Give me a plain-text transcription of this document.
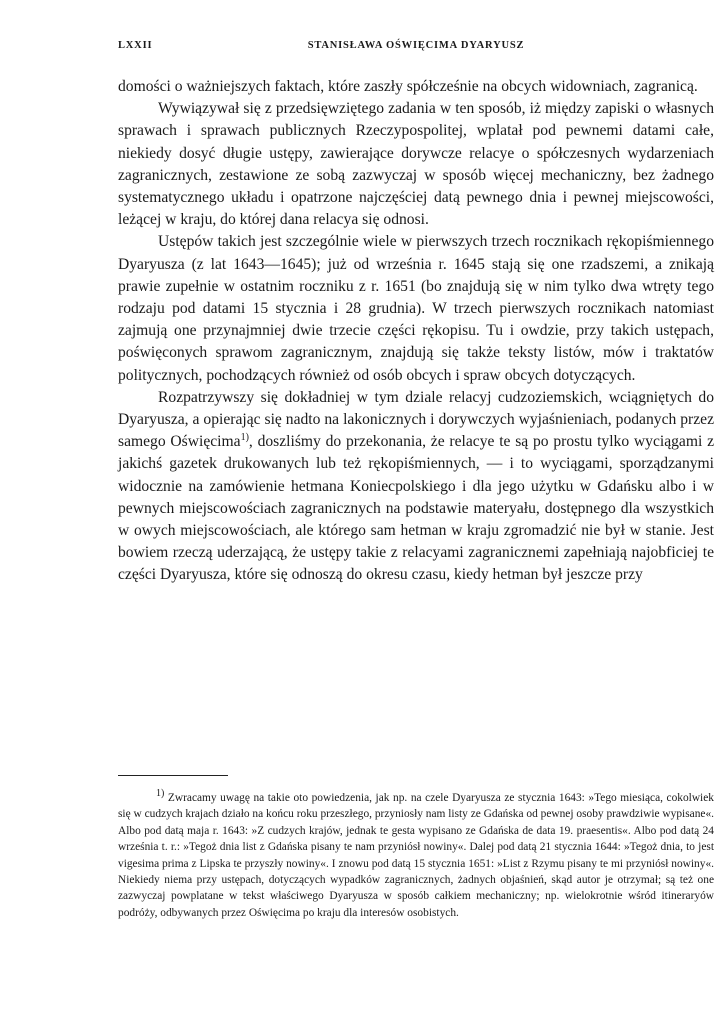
LXXII	STANISŁAWA OŚWIĘCIMA DYARYUSZ

domości o ważniejszych faktach, które zaszły spółcześnie na obcych widowniach, zagranicą.

Wywiązywał się z przedsięwziętego zadania w ten sposób, iż między zapiski o własnych sprawach i sprawach publicznych Rzeczypospolitej, wplatał pod pewnemi datami całe, niekiedy dosyć długie ustępy, zawierające dorywcze relacye o spółczesnych wydarzeniach zagranicznych, zestawione ze sobą zazwyczaj w sposób więcej mechaniczny, bez żadnego systematycznego układu i opatrzone najczęściej datą pewnego dnia i pewnej miejscowości, leżącej w kraju, do której dana relacya się odnosi.

Ustępów takich jest szczególnie wiele w pierwszych trzech rocznikach rękopiśmiennego Dyaryusza (z lat 1643—1645); już od września r. 1645 stają się one rzadszemi, a znikają prawie zupełnie w ostatnim roczniku z r. 1651 (bo znajdują się w nim tylko dwa wtręty tego rodzaju pod datami 15 stycznia i 28 grudnia). W trzech pierwszych rocznikach natomiast zajmują one przynajmniej dwie trzecie części rękopisu. Tu i owdzie, przy takich ustępach, poświęconych sprawom zagranicznym, znajdują się także teksty listów, mów i traktatów politycznych, pochodzących również od osób obcych i spraw obcych dotyczących.

Rozpatrzywszy się dokładniej w tym dziale relacyj cudzoziemskich, wciągniętych do Dyaryusza, a opierając się nadto na lakonicznych i dorywczych wyjaśnieniach, podanych przez samego Oświęcima$^{1)}$, doszliśmy do przekonania, że relacye te są po prostu tylko wyciągami z jakichś gazetek drukowanych lub też rękopiśmiennych, — i to wyciągami, sporządzanymi widocznie na zamówienie hetmana Koniecpolskiego i dla jego użytku w Gdańsku albo i w pewnych miejscowościach zagranicznych na podstawie materyału, dostępnego dla wszystkich w owych miejscowościach, ale którego sam hetman w kraju zgromadzić nie był w stanie. Jest bowiem rzeczą uderzającą, że ustępy takie z relacyami zagranicznemi zapełniają najobficiej te części Dyaryusza, które się odnoszą do okresu czasu, kiedy hetman był jeszcze przy

1) Zwracamy uwagę na takie oto powiedzenia, jak np. na czele Dyaryusza ze stycznia 1643: »Tego miesiąca, cokolwiek się w cudzych krajach działo na końcu roku przeszłego, przyniosły nam listy ze Gdańska od pewnej osoby prawdziwie wypisane«. Albo pod datą maja r. 1643: »Z cudzych krajów, jednak te gesta wypisano ze Gdańska de data 19. praesentis«. Albo pod datą 24 września t. r.: »Tegoż dnia list z Gdańska pisany te nam przyniósł nowiny«. Dalej pod datą 21 stycznia 1644: »Tegoż dnia, to jest vigesima prima z Lipska te przyszły nowiny«. I znowu pod datą 15 stycznia 1651: »List z Rzymu pisany te mi przyniósł nowiny«. Niekiedy niema przy ustępach, dotyczących wypadków zagranicznych, żadnych objaśnień, skąd autor je otrzymał; są też one zazwyczaj powplatane w tekst właściwego Dyaryusza w sposób całkiem mechaniczny; np. wielokrotnie wśród itineraryów podróży, odbywanych przez Oświęcima po kraju dla interesów osobistych.
